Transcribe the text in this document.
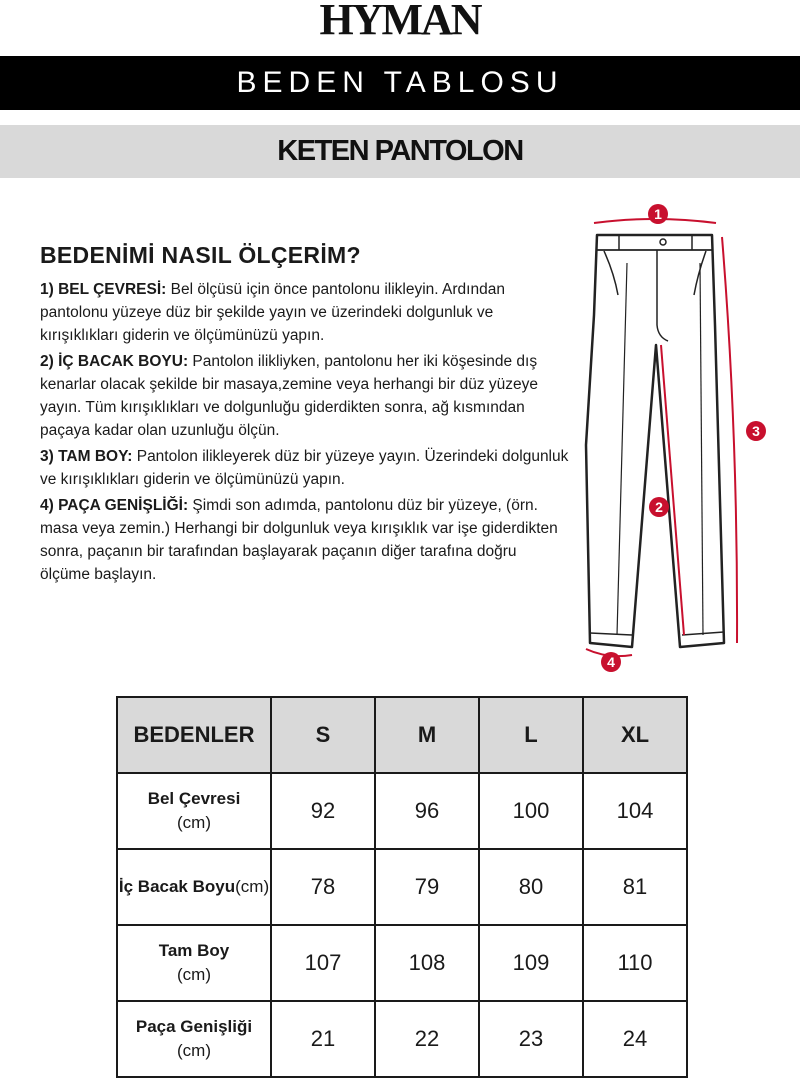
HYMAN
BEDEN TABLOSU
KETEN PANTOLON
BEDENİMİ NASIL ÖLÇERİM?

1) BEL ÇEVRESİ: Bel ölçüsü için önce pantolonu ilikleyin. Ardından pantolonu yüzeye düz bir şekilde yayın ve üzerindeki dolgunluk ve kırışıklıkları giderin ve ölçümünüzü yapın.

2) İÇ BACAK BOYU: Pantolon ilikliyken, pantolonu her iki köşesinde dış kenarlar olacak şekilde bir masaya,zemine veya herhangi bir düz yüzeye yayın. Tüm kırışıklıkları ve dolgunluğu giderdikten sonra, ağ kısmından paçaya kadar olan uzunluğu ölçün.

3) TAM BOY: Pantolon ilikleyerek düz bir yüzeye yayın. Üzerindeki dolgunluk ve kırışıklıkları giderin ve ölçümünüzü yapın.

4) PAÇA GENİŞLİĞİ: Şimdi son adımda, pantolonu düz bir yüzeye, (örn. masa veya zemin.) Herhangi bir dolgunluk veya kırışıklık var işe giderdikten sonra, paçanın bir tarafından başlayarak paçanın diğer tarafına doğru ölçüme başlayın.

1
2
3
4
BEDENLER	S	M	L	XL
Bel Çevresi
(cm)	92	96	100	104
İç Bacak Boyu(cm)	78	79	80	81
Tam Boy
(cm)	107	108	109	110
Paça Genişliği
(cm)	21	22	23	24
